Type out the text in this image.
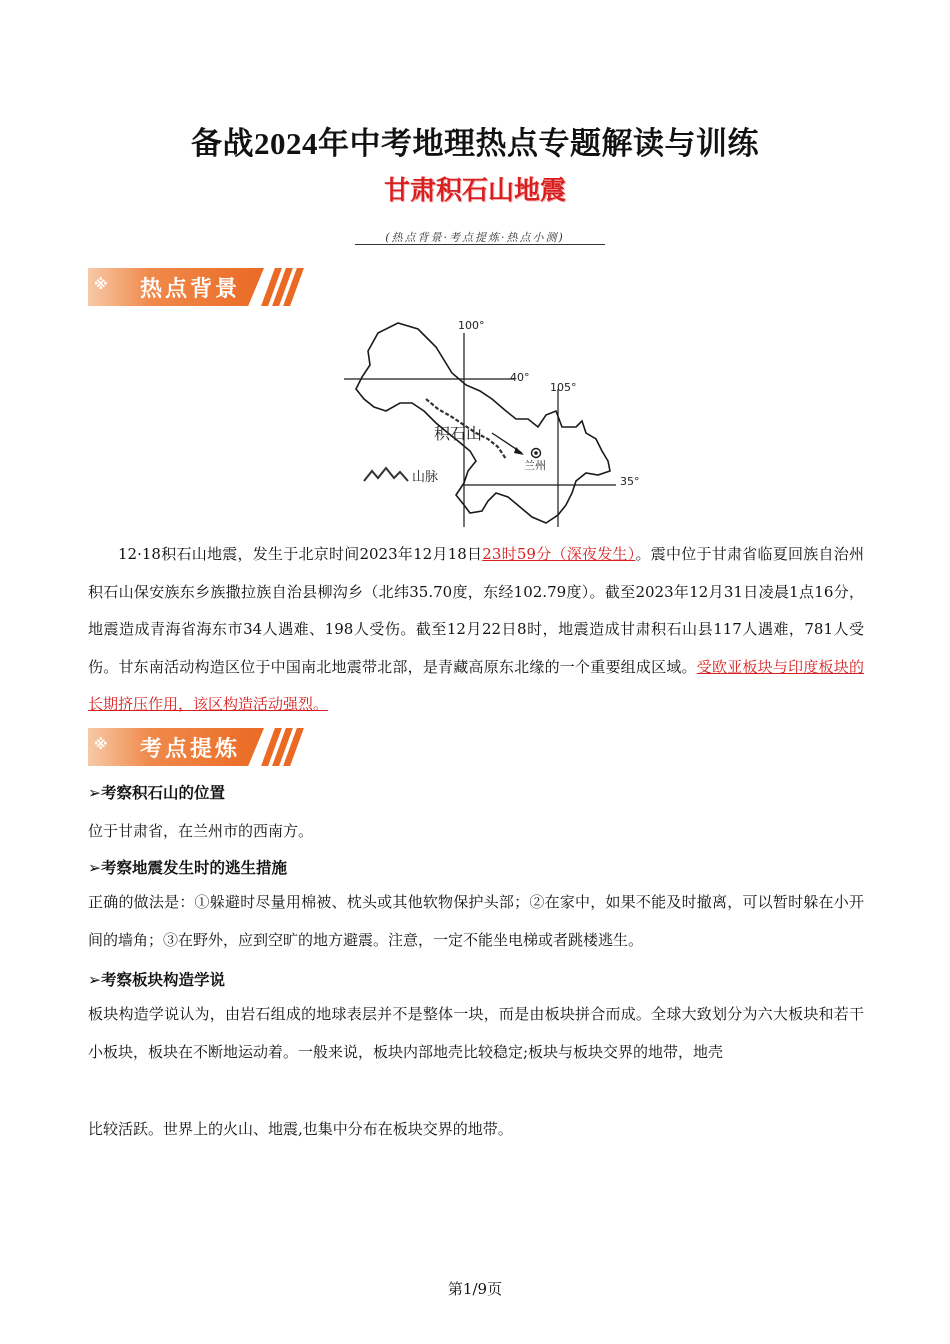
备战2024年中考地理热点专题解读与训练
甘肃积石山地震
(热点背景·考点提炼·热点小测)
※ 热点背景
100°
40°
105°
35°
积石山
兰州
山脉
12·18积石山地震，发生于北京时间2023年12月18日23时59分（深夜发生）。震中位于甘肃省临夏回族自治州积石山保安族东乡族撒拉族自治县柳沟乡（北纬35.70度，东经102.79度）。截至2023年12月31日凌晨1点16分，地震造成青海省海东市34人遇难、198人受伤。截至12月22日8时，地震造成甘肃积石山县117人遇难，781人受伤。甘东南活动构造区位于中国南北地震带北部，是青藏高原东北缘的一个重要组成区域。受欧亚板块与印度板块的长期挤压作用，该区构造活动强烈。
※ 考点提炼
➢考察积石山的位置
位于甘肃省，在兰州市的西南方。
➢考察地震发生时的逃生措施
正确的做法是：①躲避时尽量用棉被、枕头或其他软物保护头部；②在家中，如果不能及时撤离，可以暂时躲在小开间的墙角；③在野外，应到空旷的地方避震。注意，一定不能坐电梯或者跳楼逃生。
➢考察板块构造学说
板块构造学说认为，由岩石组成的地球表层并不是整体一块，而是由板块拼合而成。全球大致划分为六大板块和若干小板块，板块在不断地运动着。一般来说，板块内部地壳比较稳定;板块与板块交界的地带，地壳
比较活跃。世界上的火山、地震,也集中分布在板块交界的地带。
第1/9页
